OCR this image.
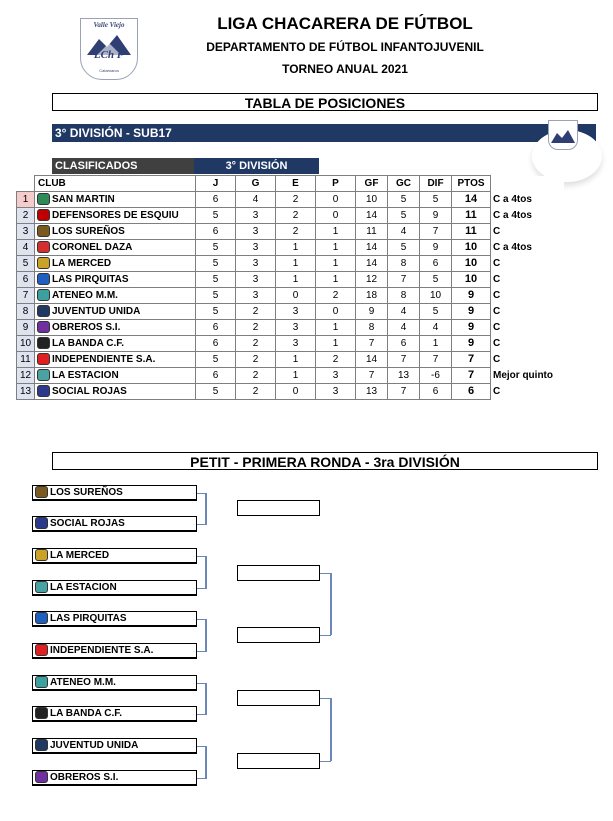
Valle Viejo
LCh F
Catamarca
LIGA CHACARERA DE FÚTBOL
DEPARTAMENTO DE FÚTBOL INFANTOJUVENIL
TORNEO ANUAL 2021
TABLA DE POSICIONES
3° DIVISIÓN - SUB17
CLASIFICADOS	3° DIVISIÓN
	CLUB	J	G	E	P	GF	GC	DIF	PTOS	
1	SAN MARTIN	6	4	2	0	10	5	5	14	C a 4tos
2	DEFENSORES DE ESQUIU	5	3	2	0	14	5	9	11	C a 4tos
3	LOS SUREÑOS	6	3	2	1	11	4	7	11	C
4	CORONEL DAZA	5	3	1	1	14	5	9	10	C a 4tos
5	LA MERCED	5	3	1	1	14	8	6	10	C
6	LAS PIRQUITAS	5	3	1	1	12	7	5	10	C
7	ATENEO M.M.	5	3	0	2	18	8	10	9	C
8	JUVENTUD UNIDA	5	2	3	0	9	4	5	9	C
9	OBREROS S.I.	6	2	3	1	8	4	4	9	C
10	LA BANDA C.F.	6	2	3	1	7	6	1	9	C
11	INDEPENDIENTE S.A.	5	2	1	2	14	7	7	7	C
12	LA ESTACION	6	2	1	3	7	13	-6	7	Mejor quinto
13	SOCIAL ROJAS	5	2	0	3	13	7	6	6	C
PETIT - PRIMERA RONDA - 3ra DIVISIÓN
LOS SUREÑOS
SOCIAL ROJAS
LA MERCED
LA ESTACION
LAS PIRQUITAS
INDEPENDIENTE S.A.
ATENEO M.M.
LA BANDA C.F.
JUVENTUD UNIDA
OBREROS S.I.
